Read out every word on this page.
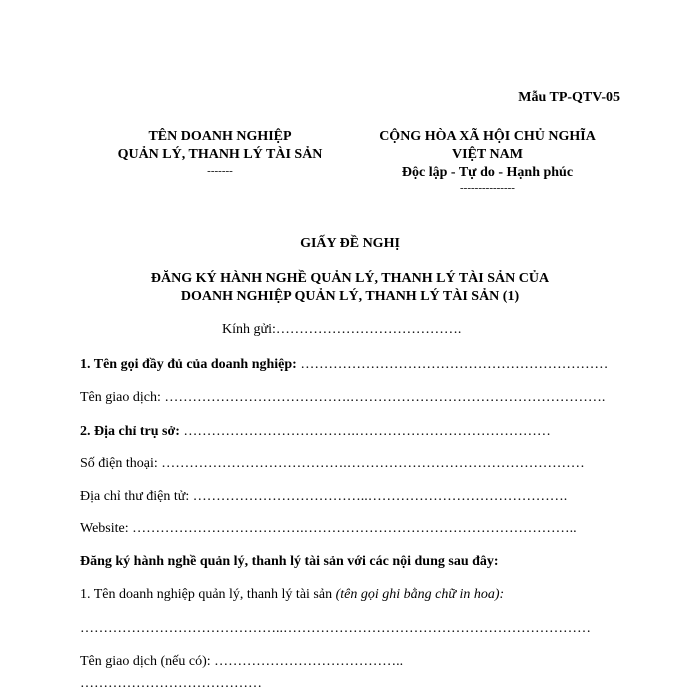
Mẫu TP-QTV-05
TÊN DOANH NGHIỆP
QUẢN LÝ, THANH LÝ TÀI SẢN
-------
CỘNG HÒA XÃ HỘI CHỦ NGHĨA
VIỆT NAM
Độc lập - Tự do - Hạnh phúc
---------------
GIẤY ĐỀ NGHỊ
ĐĂNG KÝ HÀNH NGHỀ QUẢN LÝ, THANH LÝ TÀI SẢN CỦA
DOANH NGHIỆP QUẢN LÝ, THANH LÝ TÀI SẢN (1)
Kính gửi:………………………………….
1. Tên gọi đầy đủ của doanh nghiệp: …………………………………………………………
Tên giao dịch: ………………………………….……………………………………………….
2. Địa chỉ trụ sở: ……………………………….……………………………………
Số điện thoại: ………………………………….……………………………………………
Địa chỉ thư điện tử: ………………………………..…………………………………….
Website: ……………………………….…………………………………………………..
Đăng ký hành nghề quản lý, thanh lý tài sản với các nội dung sau đây:
1. Tên doanh nghiệp quản lý, thanh lý tài sản (tên gọi ghi bằng chữ in hoa):
……………………………………..…………………………………………………………
Tên giao dịch (nếu có): …………………………………..
…………………………………
